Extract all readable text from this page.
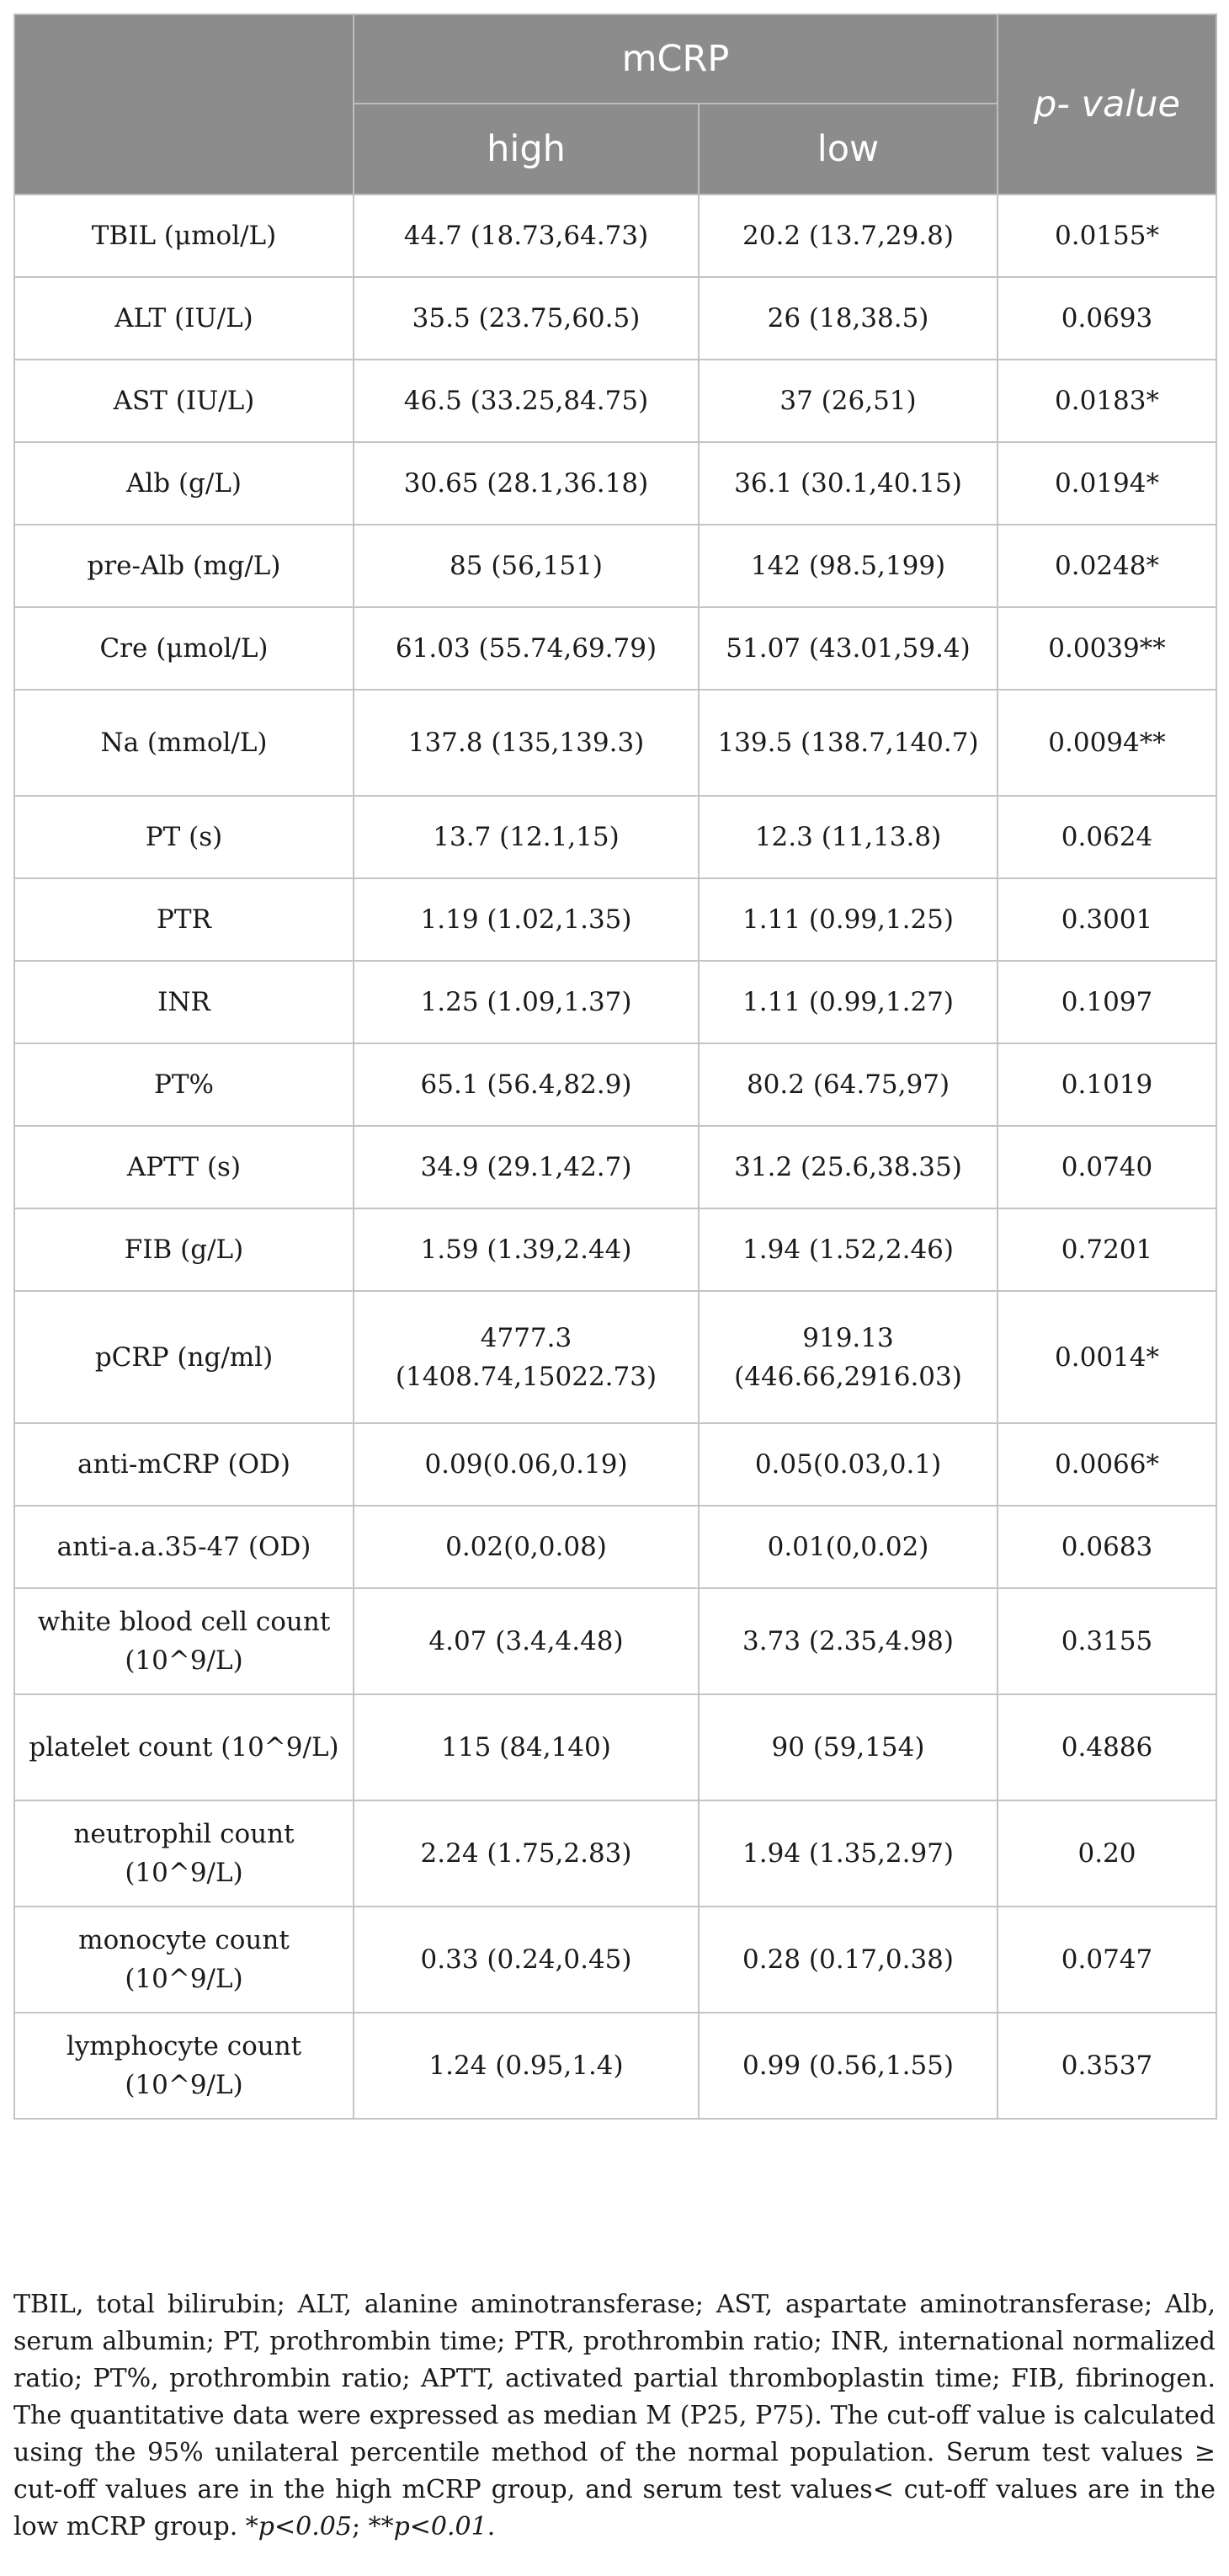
	mCRP		p- value
	high	low	
TBIL (μmol/L)	44.7 (18.73,64.73)	20.2 (13.7,29.8)	0.0155*
ALT (IU/L)	35.5 (23.75,60.5)	26 (18,38.5)	0.0693
AST (IU/L)	46.5 (33.25,84.75)	37 (26,51)	0.0183*
Alb (g/L)	30.65 (28.1,36.18)	36.1 (30.1,40.15)	0.0194*
pre-Alb (mg/L)	85 (56,151)	142 (98.5,199)	0.0248*
Cre (μmol/L)	61.03 (55.74,69.79)	51.07 (43.01,59.4)	0.0039**
Na (mmol/L)	137.8 (135,139.3)	139.5 (138.7,140.7)	0.0094**
PT (s)	13.7 (12.1,15)	12.3 (11,13.8)	0.0624
PTR	1.19 (1.02,1.35)	1.11 (0.99,1.25)	0.3001
INR	1.25 (1.09,1.37)	1.11 (0.99,1.27)	0.1097
PT%	65.1 (56.4,82.9)	80.2 (64.75,97)	0.1019
APTT (s)	34.9 (29.1,42.7)	31.2 (25.6,38.35)	0.0740
FIB (g/L)	1.59 (1.39,2.44)	1.94 (1.52,2.46)	0.7201
pCRP (ng/ml)	4777.3 (1408.74,15022.73)	919.13 (446.66,2916.03)	0.0014*
anti-mCRP (OD)	0.09(0.06,0.19)	0.05(0.03,0.1)	0.0066*
anti-a.a.35-47 (OD)	0.02(0,0.08)	0.01(0,0.02)	0.0683
white blood cell count (10^9/L)	4.07 (3.4,4.48)	3.73 (2.35,4.98)	0.3155
platelet count (10^9/L)	115 (84,140)	90 (59,154)	0.4886
neutrophil count (10^9/L)	2.24 (1.75,2.83)	1.94 (1.35,2.97)	0.20
monocyte count (10^9/L)	0.33 (0.24,0.45)	0.28 (0.17,0.38)	0.0747
lymphocyte count (10^9/L)	1.24 (0.95,1.4)	0.99 (0.56,1.55)	0.3537
TBIL, total bilirubin; ALT, alanine aminotransferase; AST, aspartate aminotransferase; Alb, serum albumin; PT, prothrombin time; PTR, prothrombin ratio; INR, international normalized ratio; PT%, prothrombin ratio; APTT, activated partial thromboplastin time; FIB, fibrinogen. The quantitative data were expressed as median M (P25, P75). The cut-off value is calculated using the 95% unilateral percentile method of the normal population. Serum test values ≥ cut-off values are in the high mCRP group, and serum test values< cut-off values are in the low mCRP group. *p<0.05; **p<0.01.
